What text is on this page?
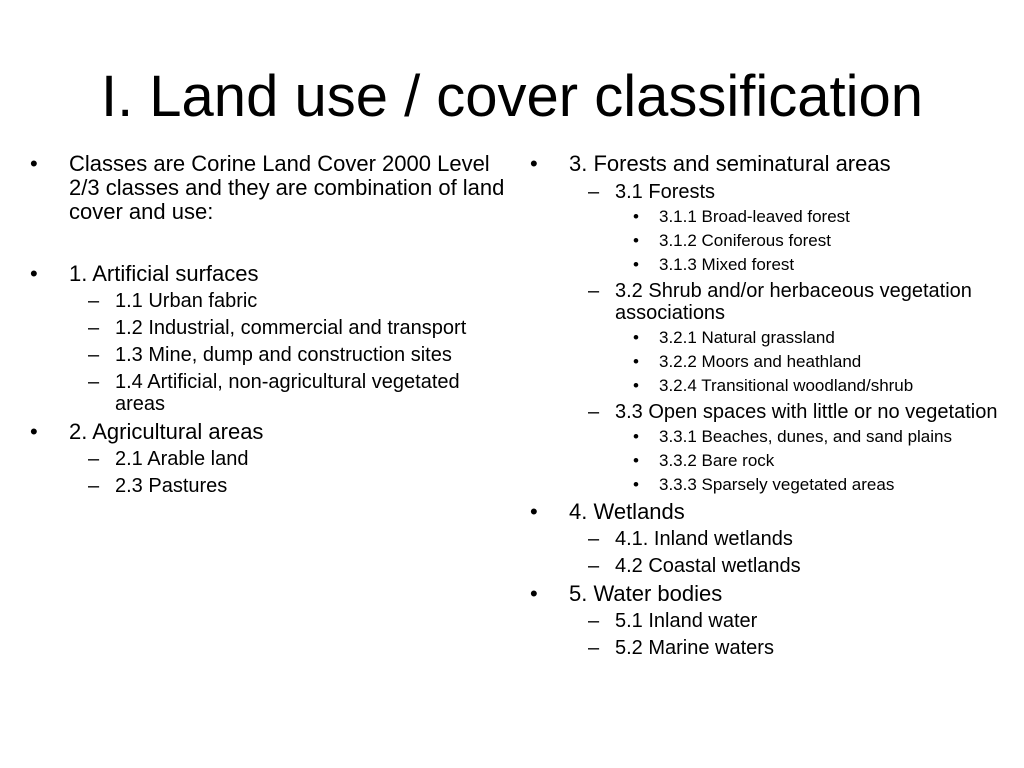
I. Land use / cover classification
• Classes are Corine Land Cover 2000 Level 2/3 classes and they are combination of land cover and use:
• 1. Artificial surfaces
– 1.1 Urban fabric
– 1.2 Industrial, commercial and transport
– 1.3 Mine, dump and construction sites
– 1.4 Artificial, non-agricultural vegetated areas
• 2. Agricultural areas
– 2.1 Arable land
– 2.3 Pastures
• 3. Forests and seminatural areas
– 3.1 Forests
• 3.1.1 Broad-leaved forest
• 3.1.2 Coniferous forest
• 3.1.3 Mixed forest
– 3.2 Shrub and/or herbaceous vegetation associations
• 3.2.1 Natural grassland
• 3.2.2 Moors and heathland
• 3.2.4 Transitional woodland/shrub
– 3.3 Open spaces with little or no vegetation
• 3.3.1 Beaches, dunes, and sand plains
• 3.3.2 Bare rock
• 3.3.3 Sparsely vegetated areas
• 4. Wetlands
– 4.1. Inland wetlands
– 4.2 Coastal wetlands
• 5. Water bodies
– 5.1 Inland water
– 5.2 Marine waters
